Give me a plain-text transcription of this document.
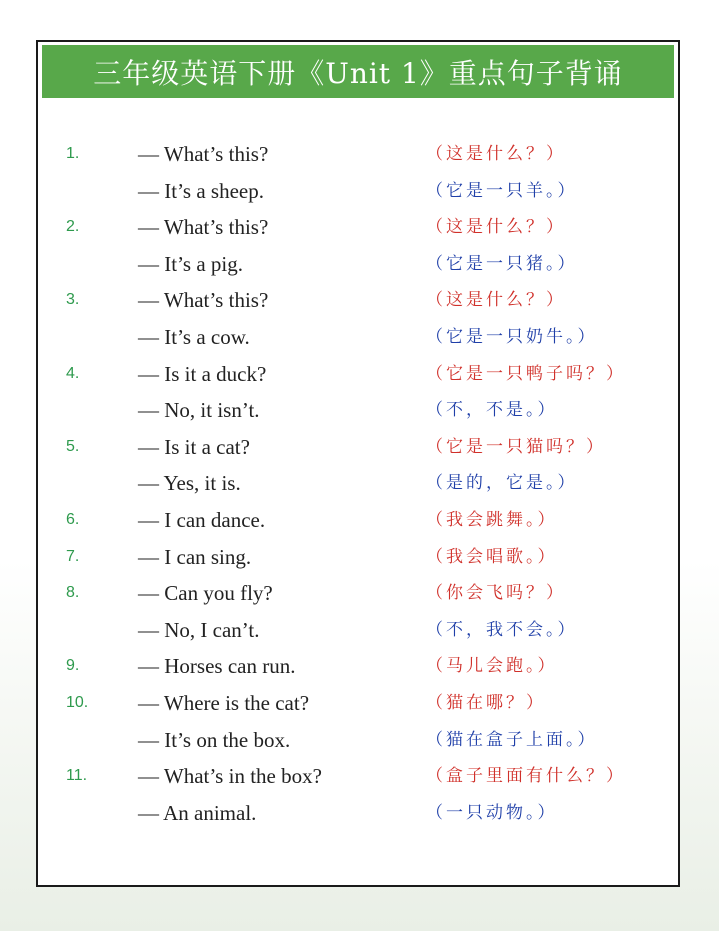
三年级英语下册《Unit 1》重点句子背诵
1.	— What’s this?	（这是什么？）
— It’s a sheep.	（它是一只羊。）
2.	— What’s this?	（这是什么？）
— It’s a pig.	（它是一只猪。）
3.	— What’s this?	（这是什么？）
— It’s a cow.	（它是一只奶牛。）
4.	— Is it a duck?	（它是一只鸭子吗？）
— No, it isn’t.	（不，不是。）
5.	— Is it a cat?	（它是一只猫吗？）
— Yes, it is.	（是的，它是。）
6.	— I can dance.	（我会跳舞。）
7.	— I can sing.	（我会唱歌。）
8.	— Can you fly?	（你会飞吗？）
— No, I can’t.	（不，我不会。）
9.	— Horses can run.	（马儿会跑。）
10. — Where is the cat?	（猫在哪？）
— It’s on the box.	（猫在盒子上面。）
11. — What’s in the box?	（盒子里面有什么？）
— An animal.	（一只动物。）
